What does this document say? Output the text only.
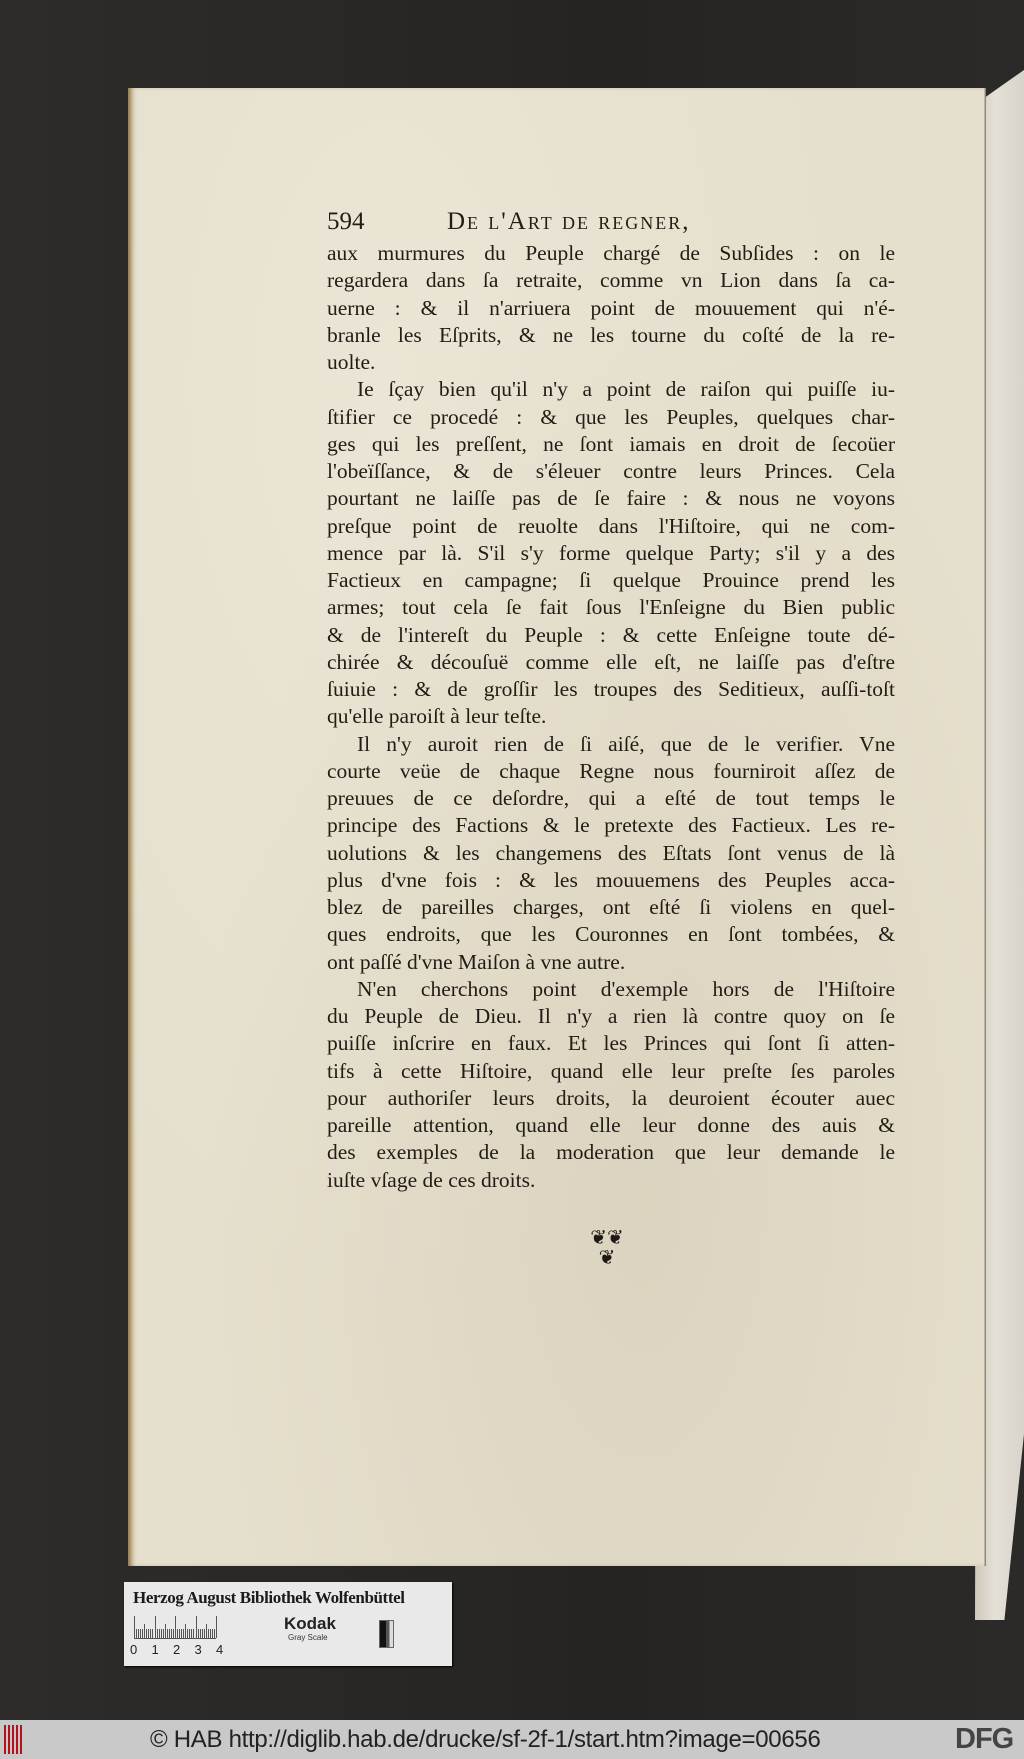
594	De l'Art de regner,
aux murmures du Peuple chargé de Subſides : on le
regardera dans ſa retraite, comme vn Lion dans ſa ca-
uerne : & il n'arriuera point de mouuement qui n'é-
branle les Eſprits, & ne les tourne du coſté de la re-
uolte.
Ie ſçay bien qu'il n'y a point de raiſon qui puiſſe iu-
ſtifier ce procedé : & que les Peuples, quelques char-
ges qui les preſſent, ne ſont iamais en droit de ſecoüer
l'obeïſſance, & de s'éleuer contre leurs Princes. Cela
pourtant ne laiſſe pas de ſe faire : & nous ne voyons
preſque point de reuolte dans l'Hiſtoire, qui ne com-
mence par là. S'il s'y forme quelque Party; s'il y a des
Factieux en campagne; ſi quelque Prouince prend les
armes; tout cela ſe fait ſous l'Enſeigne du Bien public
& de l'intereſt du Peuple : & cette Enſeigne toute dé-
chirée & découſuë comme elle eſt, ne laiſſe pas d'eſtre
ſuiuie : & de groſſir les troupes des Seditieux, auſſi-toſt
qu'elle paroiſt à leur teſte.
Il n'y auroit rien de ſi aiſé, que de le verifier. Vne
courte veüe de chaque Regne nous fourniroit aſſez de
preuues de ce deſordre, qui a eſté de tout temps le
principe des Factions & le pretexte des Factieux. Les re-
uolutions & les changemens des Eſtats ſont venus de là
plus d'vne fois : & les mouuemens des Peuples acca-
blez de pareilles charges, ont eſté ſi violens en quel-
ques endroits, que les Couronnes en ſont tombées, &
ont paſſé d'vne Maiſon à vne autre.
N'en cherchons point d'exemple hors de l'Hiſtoire
du Peuple de Dieu. Il n'y a rien là contre quoy on ſe
puiſſe inſcrire en faux. Et les Princes qui ſont ſi atten-
tifs à cette Hiſtoire, quand elle leur preſte ſes paroles
pour authoriſer leurs droits, la deuroient écouter auec
pareille attention, quand elle leur donne des auis &
des exemples de la moderation que leur demande le
iuſte vſage de ces droits.
❦❦
❦
Herzog August Bibliothek Wolfenbüttel
0 1 2 3 4
Kodak
Gray Scale
© HAB http://diglib.hab.de/drucke/sf-2f-1/start.htm?image=00656	DFG
